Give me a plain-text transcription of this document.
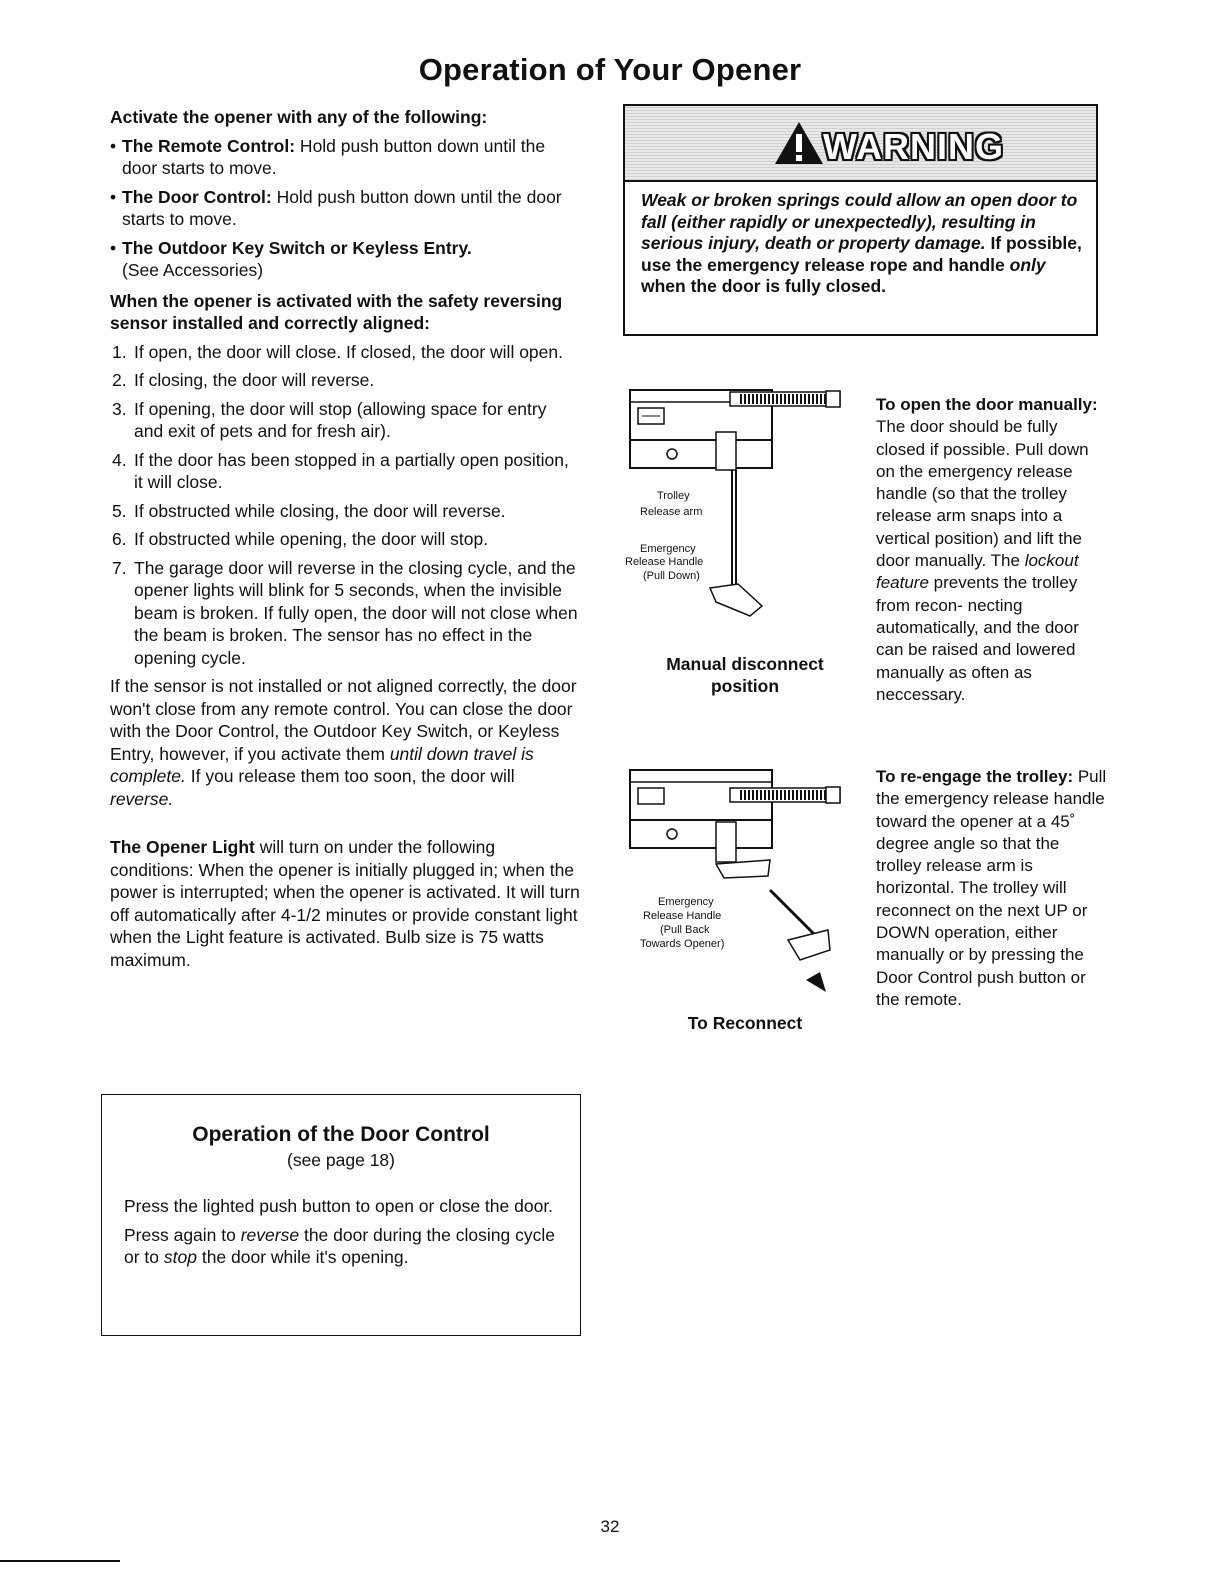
Operation of Your Opener

Activate the opener with any of the following:

• The Remote Control: Hold push button down until the door starts to move.
• The Door Control: Hold push button down until the door starts to move.
• The Outdoor Key Switch or Keyless Entry.
(See Accessories)

When the opener is activated with the safety reversing sensor installed and correctly aligned:

1. If open, the door will close. If closed, the door will open.
2. If closing, the door will reverse.
3. If opening, the door will stop (allowing space for entry and exit of pets and for fresh air).
4. If the door has been stopped in a partially open position, it will close.
5. If obstructed while closing, the door will reverse.
6. If obstructed while opening, the door will stop.
7. The garage door will reverse in the closing cycle, and the opener lights will blink for 5 seconds, when the invisible beam is broken. If fully open, the door will not close when the beam is broken. The sensor has no effect in the opening cycle.

If the sensor is not installed or not aligned correctly, the door won't close from any remote control. You can close the door with the Door Control, the Outdoor Key Switch, or Keyless Entry, however, if you activate them until down travel is complete. If you release them too soon, the door will reverse.

The Opener Light will turn on under the following conditions: When the opener is initially plugged in; when the power is interrupted; when the opener is activated. It will turn off automatically after 4-1/2 minutes or provide constant light when the Light feature is activated. Bulb size is 75 watts maximum.

WARNING
Weak or broken springs could allow an open door to fall (either rapidly or unexpectedly), resulting in serious injury, death or property damage. If possible, use the emergency release rope and handle only when the door is fully closed.
Trolley
Release arm
Emergency
Release Handle
(Pull Down)
Manual disconnect
position
To open the door manually: The door should be fully closed if possible. Pull down on the emergency release handle (so that the trolley release arm snaps into a vertical position) and lift the door manually. The lockout feature prevents the trolley from recon- necting automatically, and the door can be raised and lowered manually as often as neccessary.
Emergency
Release Handle
(Pull Back
Towards Opener)
To Reconnect
To re-engage the trolley: Pull the emergency release handle toward the opener at a 45˚ degree angle so that the trolley release arm is horizontal. The trolley will reconnect on the next UP or DOWN operation, either manually or by pressing the Door Control push button or the remote.
Operation of the Door Control
(see page 18)

Press the lighted push button to open or close the door.

Press again to reverse the door during the closing cycle or to stop the door while it's opening.

32
